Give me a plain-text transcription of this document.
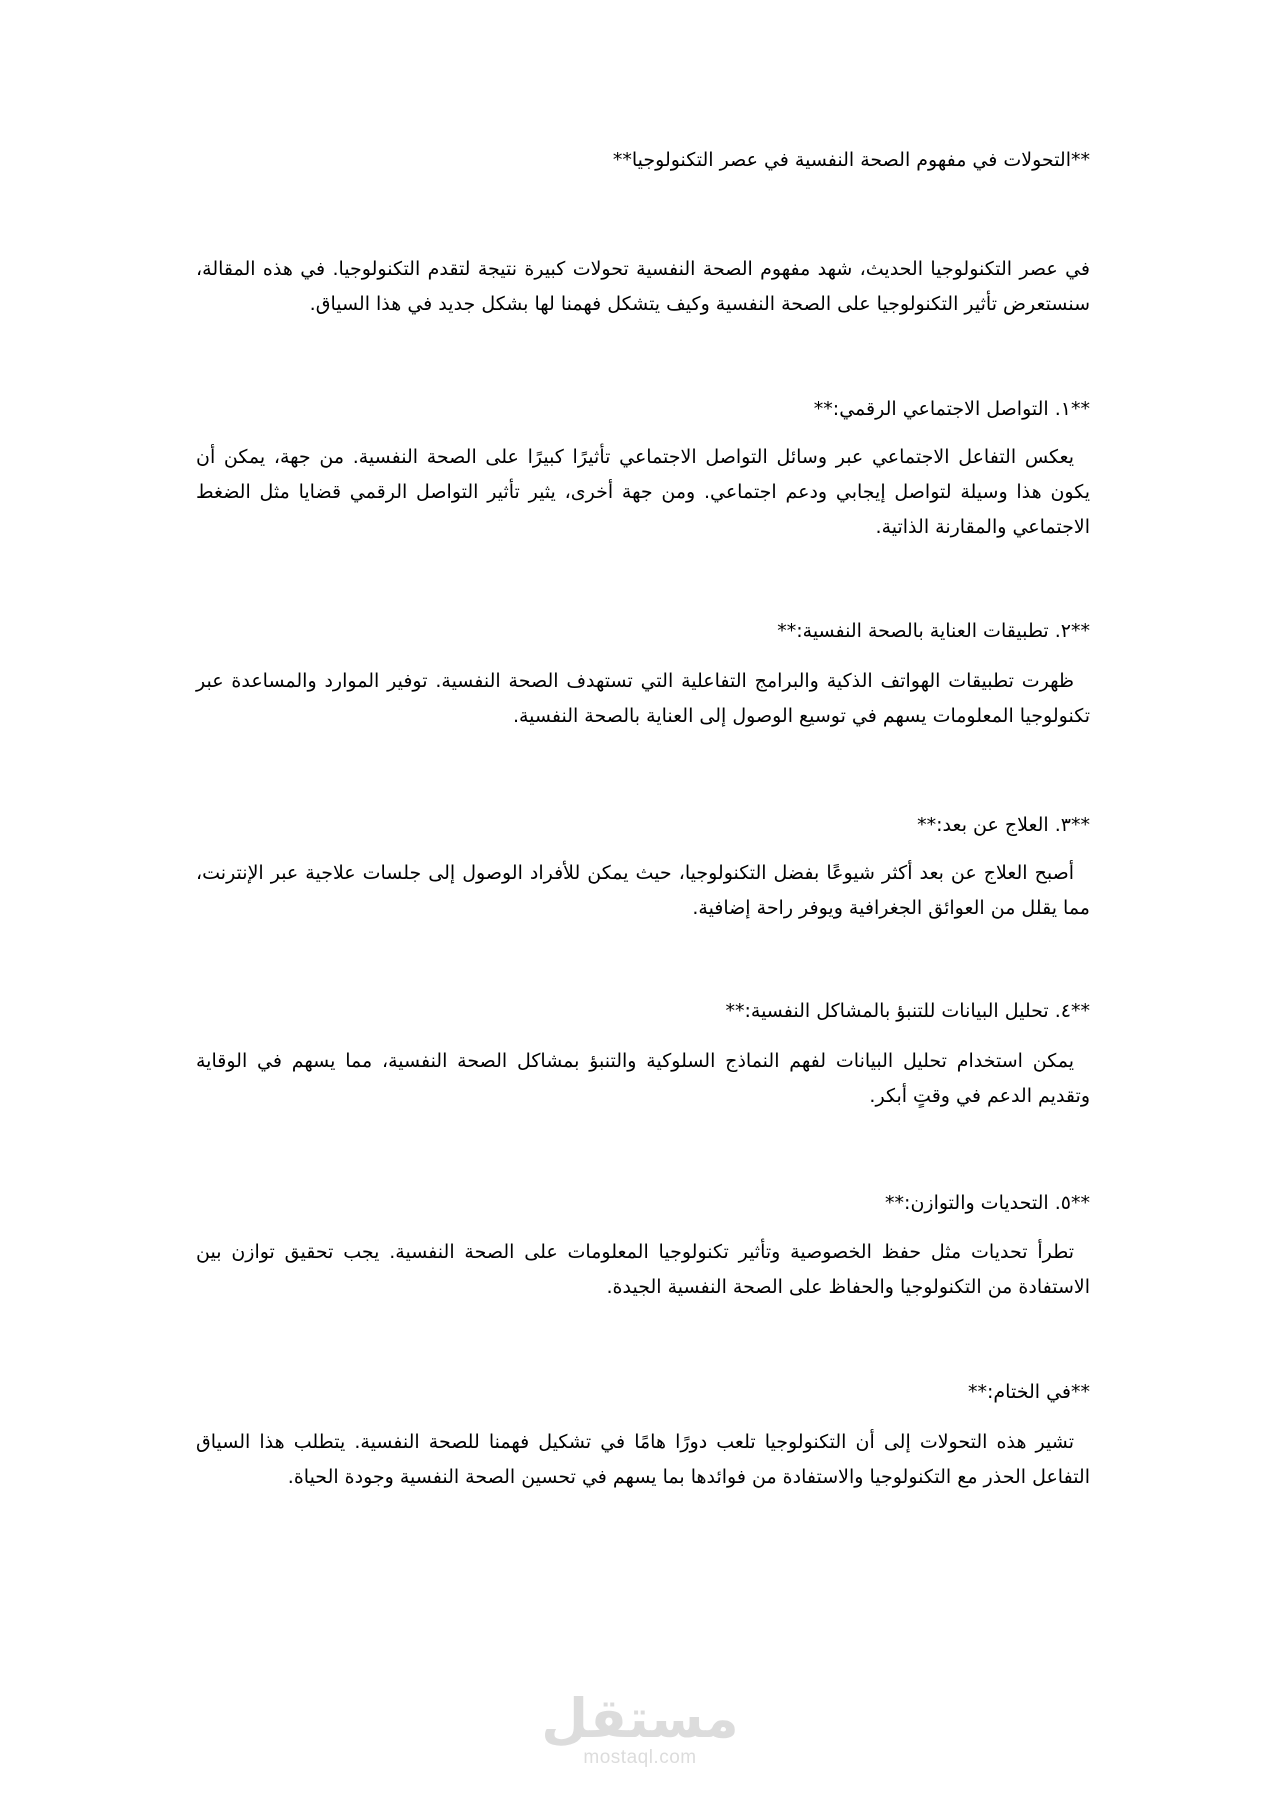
**التحولات في مفهوم الصحة النفسية في عصر التكنولوجيا**

في عصر التكنولوجيا الحديث، شهد مفهوم الصحة النفسية تحولات كبيرة نتيجة لتقدم التكنولوجيا. في هذه المقالة، سنستعرض تأثير التكنولوجيا على الصحة النفسية وكيف يتشكل فهمنا لها بشكل جديد في هذا السياق.

**١. التواصل الاجتماعي الرقمي:**

يعكس التفاعل الاجتماعي عبر وسائل التواصل الاجتماعي تأثيرًا كبيرًا على الصحة النفسية. من جهة، يمكن أن يكون هذا وسيلة لتواصل إيجابي ودعم اجتماعي. ومن جهة أخرى، يثير تأثير التواصل الرقمي قضايا مثل الضغط الاجتماعي والمقارنة الذاتية.

**٢. تطبيقات العناية بالصحة النفسية:**

ظهرت تطبيقات الهواتف الذكية والبرامج التفاعلية التي تستهدف الصحة النفسية. توفير الموارد والمساعدة عبر تكنولوجيا المعلومات يسهم في توسيع الوصول إلى العناية بالصحة النفسية.

**٣. العلاج عن بعد:**

أصبح العلاج عن بعد أكثر شيوعًا بفضل التكنولوجيا، حيث يمكن للأفراد الوصول إلى جلسات علاجية عبر الإنترنت، مما يقلل من العوائق الجغرافية ويوفر راحة إضافية.

**٤. تحليل البيانات للتنبؤ بالمشاكل النفسية:**

يمكن استخدام تحليل البيانات لفهم النماذج السلوكية والتنبؤ بمشاكل الصحة النفسية، مما يسهم في الوقاية وتقديم الدعم في وقتٍ أبكر.

**٥. التحديات والتوازن:**

تطرأ تحديات مثل حفظ الخصوصية وتأثير تكنولوجيا المعلومات على الصحة النفسية. يجب تحقيق توازن بين الاستفادة من التكنولوجيا والحفاظ على الصحة النفسية الجيدة.

**في الختام:**

تشير هذه التحولات إلى أن التكنولوجيا تلعب دورًا هامًا في تشكيل فهمنا للصحة النفسية. يتطلب هذا السياق التفاعل الحذر مع التكنولوجيا والاستفادة من فوائدها بما يسهم في تحسين الصحة النفسية وجودة الحياة.

مستقل
mostaql.com
